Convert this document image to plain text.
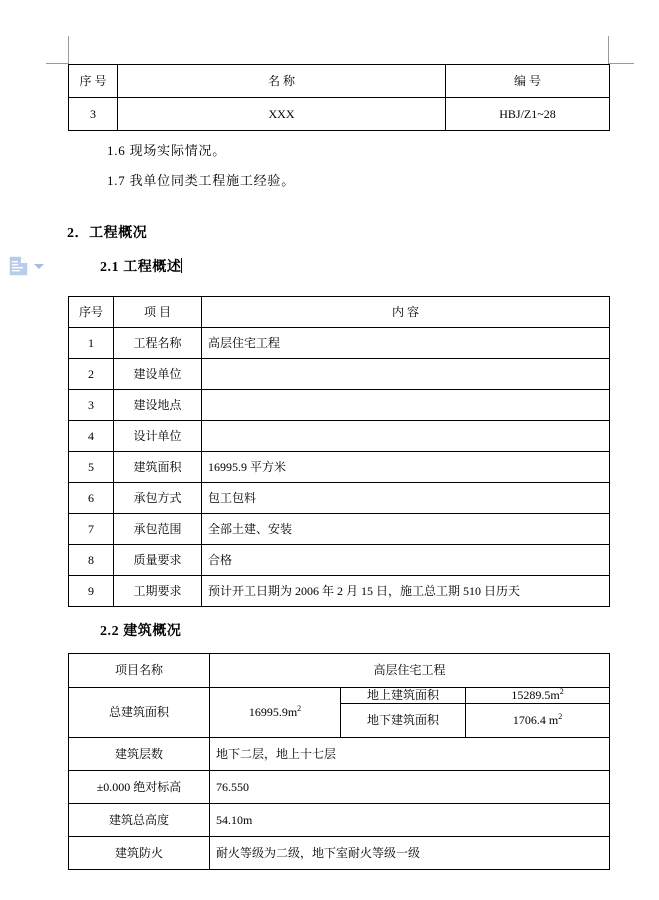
序 号	名 称	编 号
3	XXX	HBJ/Z1~28
1.6 现场实际情况。
1.7 我单位同类工程施工经验。
2．工程概况
2.1 工程概述
2.2 建筑概况
序号	项 目	内 容
1	工程名称	高层住宅工程
2	建设单位	
3	建设地点	
4	设计单位	
5	建筑面积	16995.9 平方米
6	承包方式	包工包料
7	承包范围	全部土建、安装
8	质量要求	合格
9	工期要求	预计开工日期为 2006 年 2 月 15 日，施工总工期 510 日历天
项目名称	高层住宅工程		
总建筑面积	$16995.9m^2$	地上建筑面积	$15289.5m^2$
		地下建筑面积	1706.4 $m^2$
建筑层数	地下二层，地上十七层		
±0.000 绝对标高	76.550		
建筑总高度	54.10m		
建筑防火	耐火等级为二级，地下室耐火等级一级		
